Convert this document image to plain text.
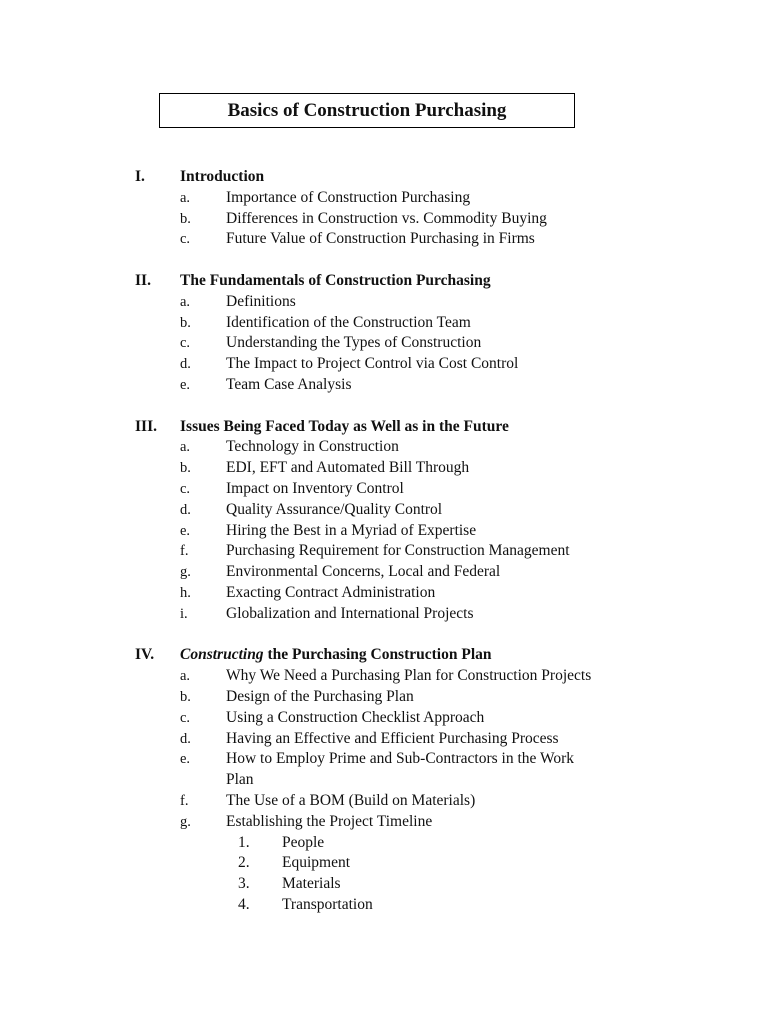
Basics of Construction Purchasing
I. Introduction
a. Importance of Construction Purchasing
b. Differences in Construction vs. Commodity Buying
c. Future Value of Construction Purchasing in Firms
II. The Fundamentals of Construction Purchasing
a. Definitions
b. Identification of the Construction Team
c. Understanding the Types of Construction
d. The Impact to Project Control via Cost Control
e. Team Case Analysis
III. Issues Being Faced Today as Well as in the Future
a. Technology in Construction
b. EDI, EFT and Automated Bill Through
c. Impact on Inventory Control
d. Quality Assurance/Quality Control
e. Hiring the Best in a Myriad of Expertise
f. Purchasing Requirement for Construction Management
g. Environmental Concerns, Local and Federal
h. Exacting Contract Administration
i. Globalization and International Projects
IV. Constructing the Purchasing Construction Plan
a. Why We Need a Purchasing Plan for Construction Projects
b. Design of the Purchasing Plan
c. Using a Construction Checklist Approach
d. Having an Effective and Efficient Purchasing Process
e. How to Employ Prime and Sub-Contractors in the Work
Plan
f. The Use of a BOM (Build on Materials)
g. Establishing the Project Timeline
1. People
2. Equipment
3. Materials
4. Transportation
